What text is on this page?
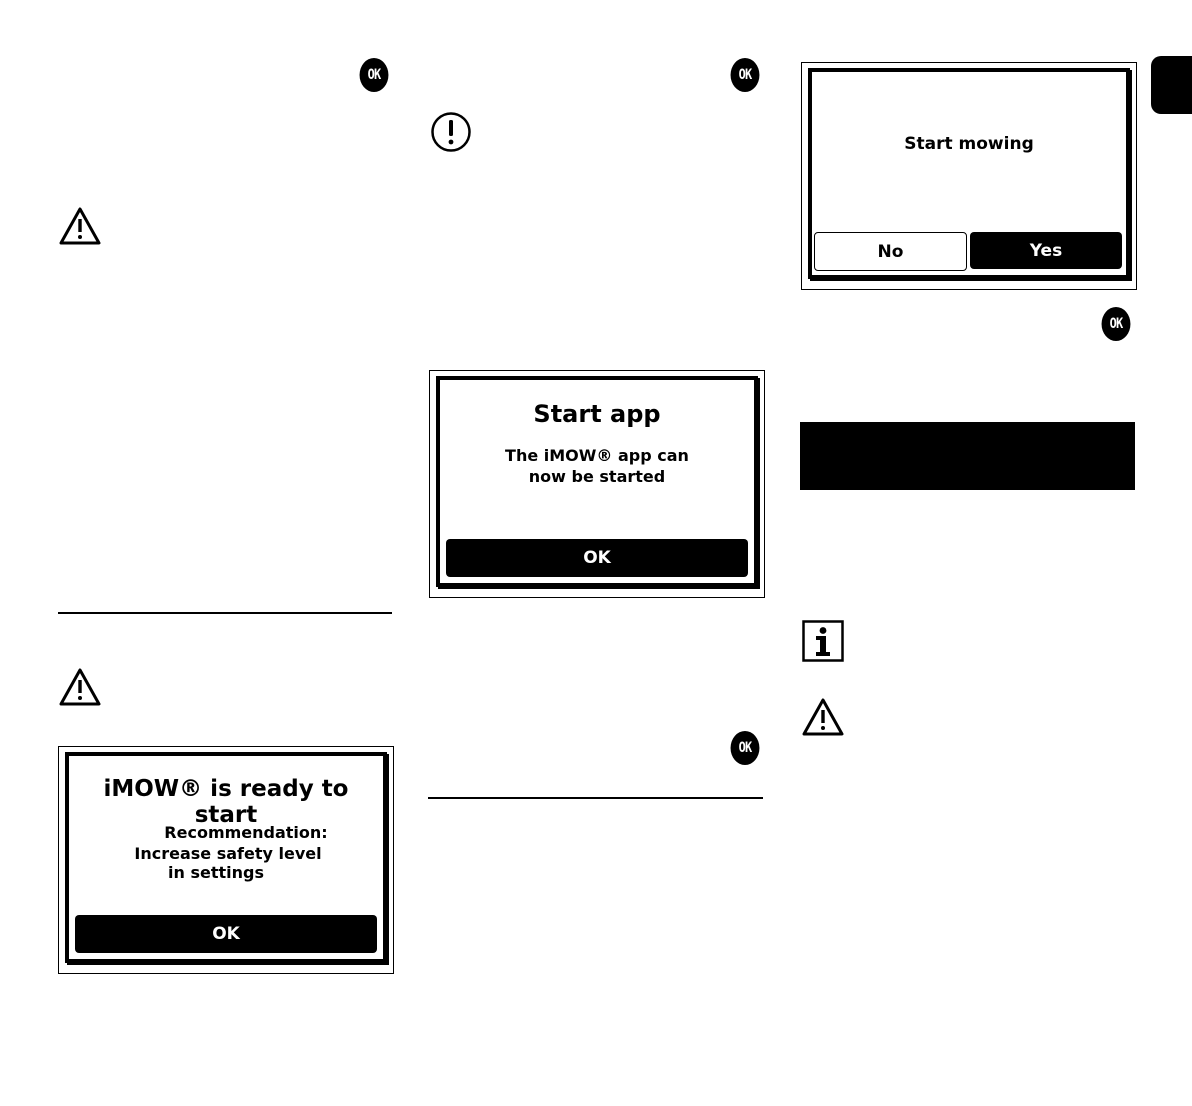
OK
iMOW® is ready to start
Recommendation:
Increase safety level
in settings
OK
OK
Start app
The iMOW® app can
now be started
OK
OK
Start mowing
No	Yes
OK
